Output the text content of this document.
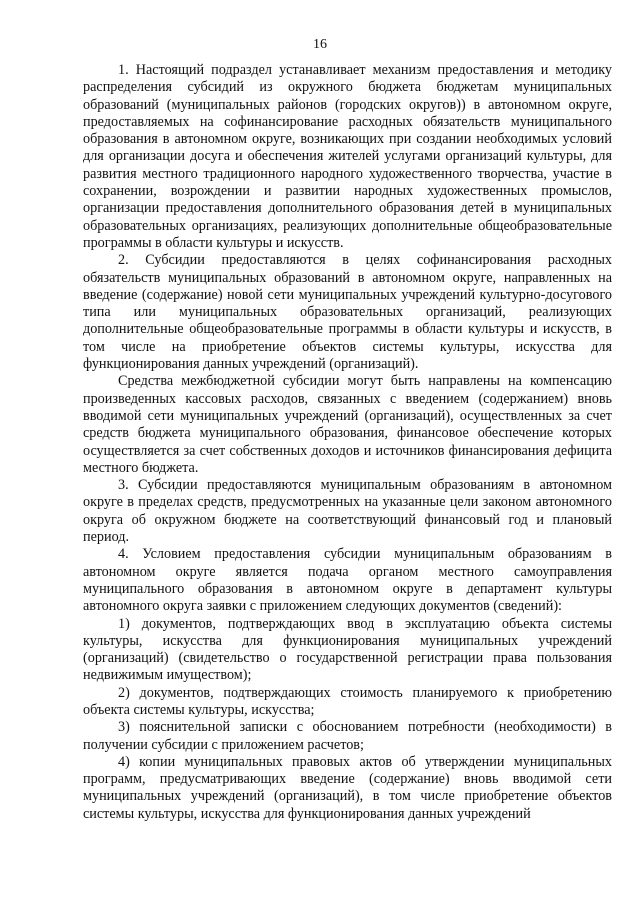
16

1. Настоящий подраздел устанавливает механизм предоставления и методику распределения субсидий из окружного бюджета бюджетам муниципальных образований (муниципальных районов (городских округов)) в автономном округе, предоставляемых на софинансирование расходных обязательств муниципального образования в автономном округе, возникающих при создании необходимых условий для организации досуга и обеспечения жителей услугами организаций культуры, для развития местного традиционного народного художественного творчества, участие в сохранении, возрождении и развитии народных художественных промыслов, организации предоставления дополнительного образования детей в муниципальных образовательных организациях, реализующих дополнительные общеобразовательные программы в области культуры и искусств.

2. Субсидии предоставляются в целях софинансирования расходных обязательств муниципальных образований в автономном округе, направленных на введение (содержание) новой сети муниципальных учреждений культурно-досугового типа или муниципальных образовательных организаций, реализующих дополнительные общеобразовательные программы в области культуры и искусств, в том числе на приобретение объектов системы культуры, искусства для функционирования данных учреждений (организаций).

Средства межбюджетной субсидии могут быть направлены на компенсацию произведенных кассовых расходов, связанных с введением (содержанием) вновь вводимой сети муниципальных учреждений (организаций), осуществленных за счет средств бюджета муниципального образования, финансовое обеспечение которых осуществляется за счет собственных доходов и источников финансирования дефицита местного бюджета.

3. Субсидии предоставляются муниципальным образованиям в автономном округе в пределах средств, предусмотренных на указанные цели законом автономного округа об окружном бюджете на соответствующий финансовый год и плановый период.

4. Условием предоставления субсидии муниципальным образованиям в автономном округе является подача органом местного самоуправления муниципального образования в автономном округе в департамент культуры автономного округа заявки с приложением следующих документов (сведений):

1) документов, подтверждающих ввод в эксплуатацию объекта системы культуры, искусства для функционирования муниципальных учреждений (организаций) (свидетельство о государственной регистрации права пользования недвижимым имуществом);

2) документов, подтверждающих стоимость планируемого к приобретению объекта системы культуры, искусства;

3) пояснительной записки с обоснованием потребности (необходимости) в получении субсидии с приложением расчетов;

4) копии муниципальных правовых актов об утверждении муниципальных программ, предусматривающих введение (содержание) вновь вводимой сети муниципальных учреждений (организаций), в том числе приобретение объектов системы культуры, искусства для функционирования данных учреждений
